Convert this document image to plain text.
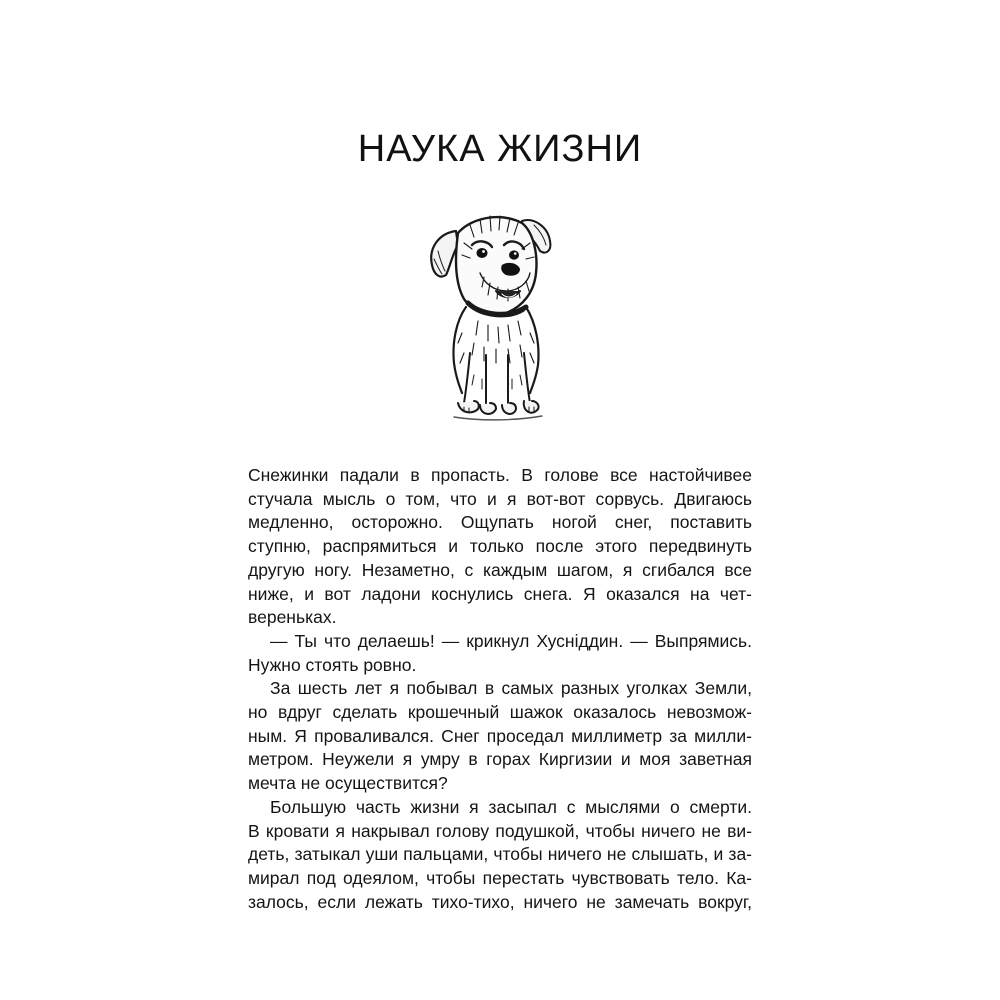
НАУКА ЖИЗНИ
Снежинки падали в пропасть. В голове все настойчивее
стучала мысль о том, что и я вот-вот сорвусь. Двигаюсь
медленно, осторожно. Ощупать ногой снег, поставить
ступню, распрямиться и только после этого передвинуть
другую ногу. Незаметно, с каждым шагом, я сгибался все
ниже, и вот ладони коснулись снега. Я оказался на чет-
вереньках.
— Ты что делаешь! — крикнул Хуснiддин. — Выпрямись.
Нужно стоять ровно.
За шесть лет я побывал в самых разных уголках Земли,
но вдруг сделать крошечный шажок оказалось невозмож-
ным. Я проваливался. Снег проседал миллиметр за милли-
метром. Неужели я умру в горах Киргизии и моя заветная
мечта не осуществится?
Большую часть жизни я засыпал с мыслями о смерти.
В кровати я накрывал голову подушкой, чтобы ничего не ви-
деть, затыкал уши пальцами, чтобы ничего не слышать, и за-
мирал под одеялом, чтобы перестать чувствовать тело. Ка-
залось, если лежать тихо-тихо, ничего не замечать вокруг,
